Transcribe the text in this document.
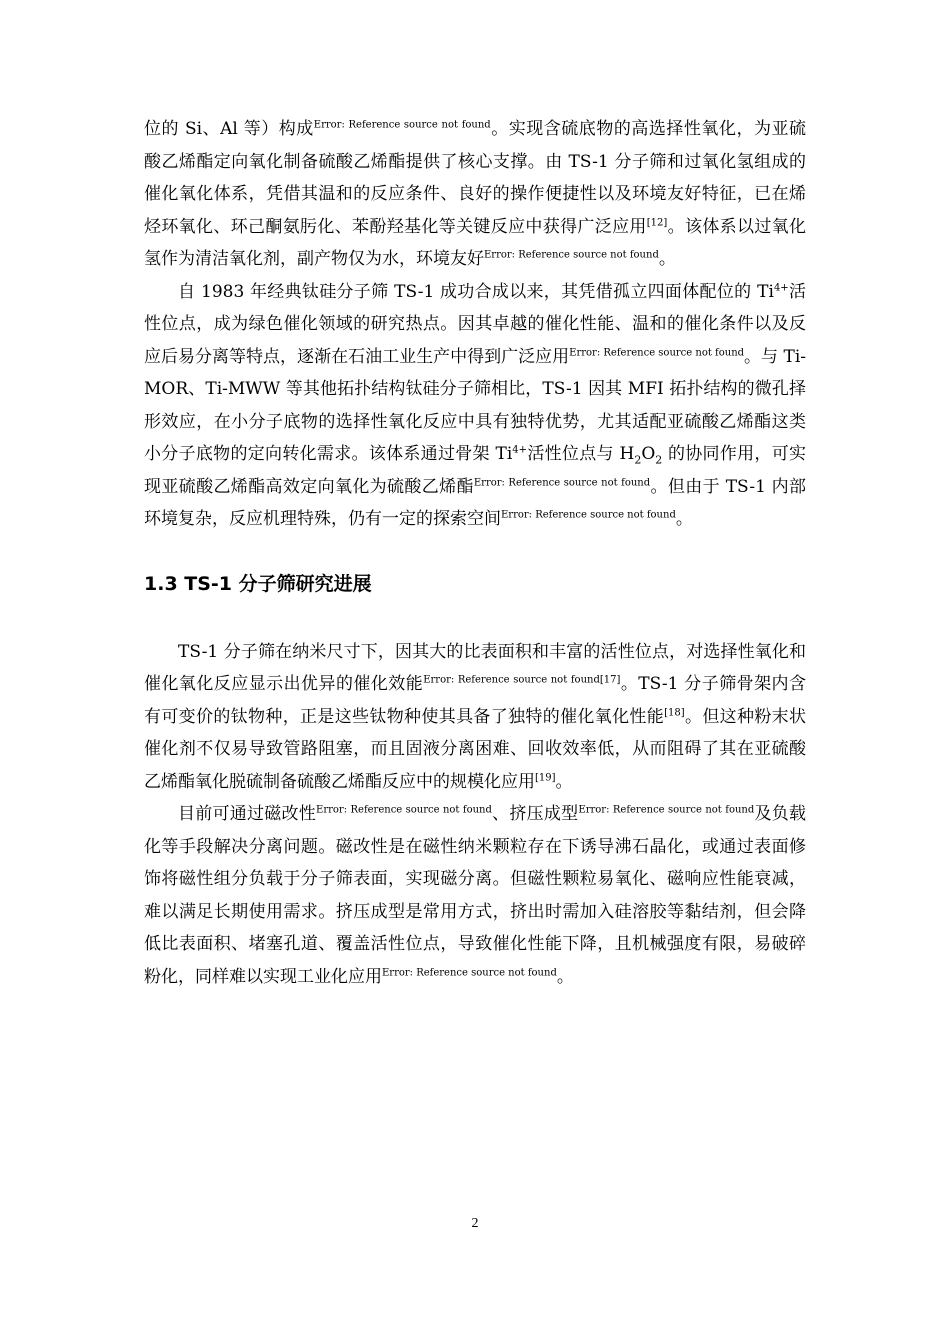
位的 Si、Al 等）构成$^{Error: Reference source not found}$。实现含硫底物的高选择性氧化，为亚硫酸乙烯酯定向氧化制备硫酸乙烯酯提供了核心支撑。由 TS-1 分子筛和过氧化氢组成的催化氧化体系，凭借其温和的反应条件、良好的操作便捷性以及环境友好特征，已在烯烃环氧化、环己酮氨肟化、苯酚羟基化等关键反应中获得广泛应用[12]。该体系以过氧化氢作为清洁氧化剂，副产物仅为水，环境友好$^{Error: Reference source not found}$。

自 1983 年经典钛硅分子筛 TS-1 成功合成以来，其凭借孤立四面体配位的 $Ti^{4+}$活性位点，成为绿色催化领域的研究热点。因其卓越的催化性能、温和的催化条件以及反应后易分离等特点，逐渐在石油工业生产中得到广泛应用$^{Error: Reference source not found}$。与 Ti-MOR、Ti-MWW 等其他拓扑结构钛硅分子筛相比，TS-1 因其 MFI 拓扑结构的微孔择形效应，在小分子底物的选择性氧化反应中具有独特优势，尤其适配亚硫酸乙烯酯这类小分子底物的定向转化需求。该体系通过骨架 $Ti^{4+}$活性位点与 $H_2O_2$ 的协同作用，可实现亚硫酸乙烯酯高效定向氧化为硫酸乙烯酯$^{Error: Reference source not found}$。但由于 TS-1 内部环境复杂，反应机理特殊，仍有一定的探索空间$^{Error: Reference source not found}$。

1.3 TS-1 分子筛研究进展

TS-1 分子筛在纳米尺寸下，因其大的比表面积和丰富的活性位点，对选择性氧化和催化氧化反应显示出优异的催化效能$^{Error: Reference source not found[17]}$。TS-1 分子筛骨架内含有可变价的钛物种，正是这些钛物种使其具备了独特的催化氧化性能[18]。但这种粉末状催化剂不仅易导致管路阻塞，而且固液分离困难、回收效率低，从而阻碍了其在亚硫酸乙烯酯氧化脱硫制备硫酸乙烯酯反应中的规模化应用[19]。

目前可通过磁改性$^{Error: Reference source not found}$、挤压成型$^{Error: Reference source not found}$及负载化等手段解决分离问题。磁改性是在磁性纳米颗粒存在下诱导沸石晶化，或通过表面修饰将磁性组分负载于分子筛表面，实现磁分离。但磁性颗粒易氧化、磁响应性能衰减，难以满足长期使用需求。挤压成型是常用方式，挤出时需加入硅溶胶等黏结剂，但会降低比表面积、堵塞孔道、覆盖活性位点，导致催化性能下降，且机械强度有限，易破碎粉化，同样难以实现工业化应用$^{Error: Reference source not found}$。

2
